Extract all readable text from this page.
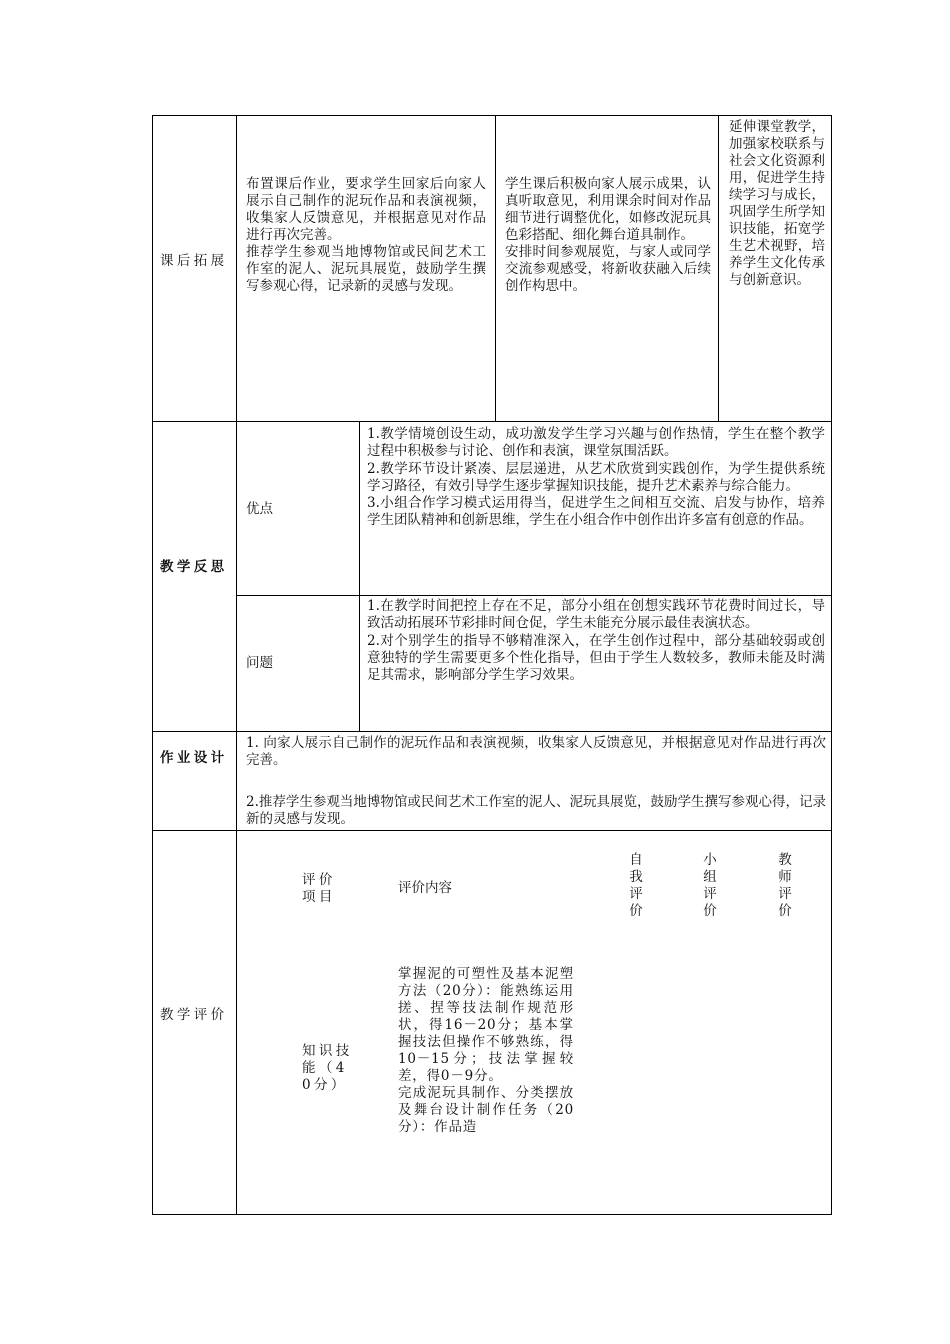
课后拓展
布置课后作业，要求学生回家后向家人展示自己制作的泥玩作品和表演视频，收集家人反馈意见，并根据意见对作品进行再次完善。
推荐学生参观当地博物馆或民间艺术工作室的泥人、泥玩具展览，鼓励学生撰写参观心得，记录新的灵感与发现。
学生课后积极向家人展示成果，认真听取意见，利用课余时间对作品细节进行调整优化，如修改泥玩具色彩搭配、细化舞台道具制作。
安排时间参观展览，与家人或同学交流参观感受，将新收获融入后续创作构思中。
延伸课堂教学，加强家校联系与社会文化资源利用，促进学生持续学习与成长，巩固学生所学知识技能，拓宽学生艺术视野，培养学生文化传承与创新意识。
教学反思
优点
1.教学情境创设生动，成功激发学生学习兴趣与创作热情，学生在整个教学过程中积极参与讨论、创作和表演，课堂氛围活跃。
2.教学环节设计紧凑、层层递进，从艺术欣赏到实践创作，为学生提供系统学习路径，有效引导学生逐步掌握知识技能，提升艺术素养与综合能力。
3.小组合作学习模式运用得当，促进学生之间相互交流、启发与协作，培养学生团队精神和创新思维，学生在小组合作中创作出许多富有创意的作品。
问题
1.在教学时间把控上存在不足，部分小组在创想实践环节花费时间过长，导致活动拓展环节彩排时间仓促，学生未能充分展示最佳表演状态。
2.对个别学生的指导不够精准深入，在学生创作过程中，部分基础较弱或创意独特的学生需要更多个性化指导，但由于学生人数较多，教师未能及时满足其需求，影响部分学生学习效果。
作业设计
1. 向家人展示自己制作的泥玩作品和表演视频，收集家人反馈意见，并根据意见对作品进行再次完善。
2.推荐学生参观当地博物馆或民间艺术工作室的泥人、泥玩具展览，鼓励学生撰写参观心得，记录新的灵感与发现。
教学评价
评价项目
评价内容
自我评价
小组评价
教师评价
知识技能（40分）
掌握泥的可塑性及基本泥塑方法（20分）：能熟练运用搓、捏等技法制作规范形状，得16－20分；基本掌握技法但操作不够熟练，得10－15分；技法掌握较差，得0－9分。
完成泥玩具制作、分类摆放及舞台设计制作任务（20分）：作品造
